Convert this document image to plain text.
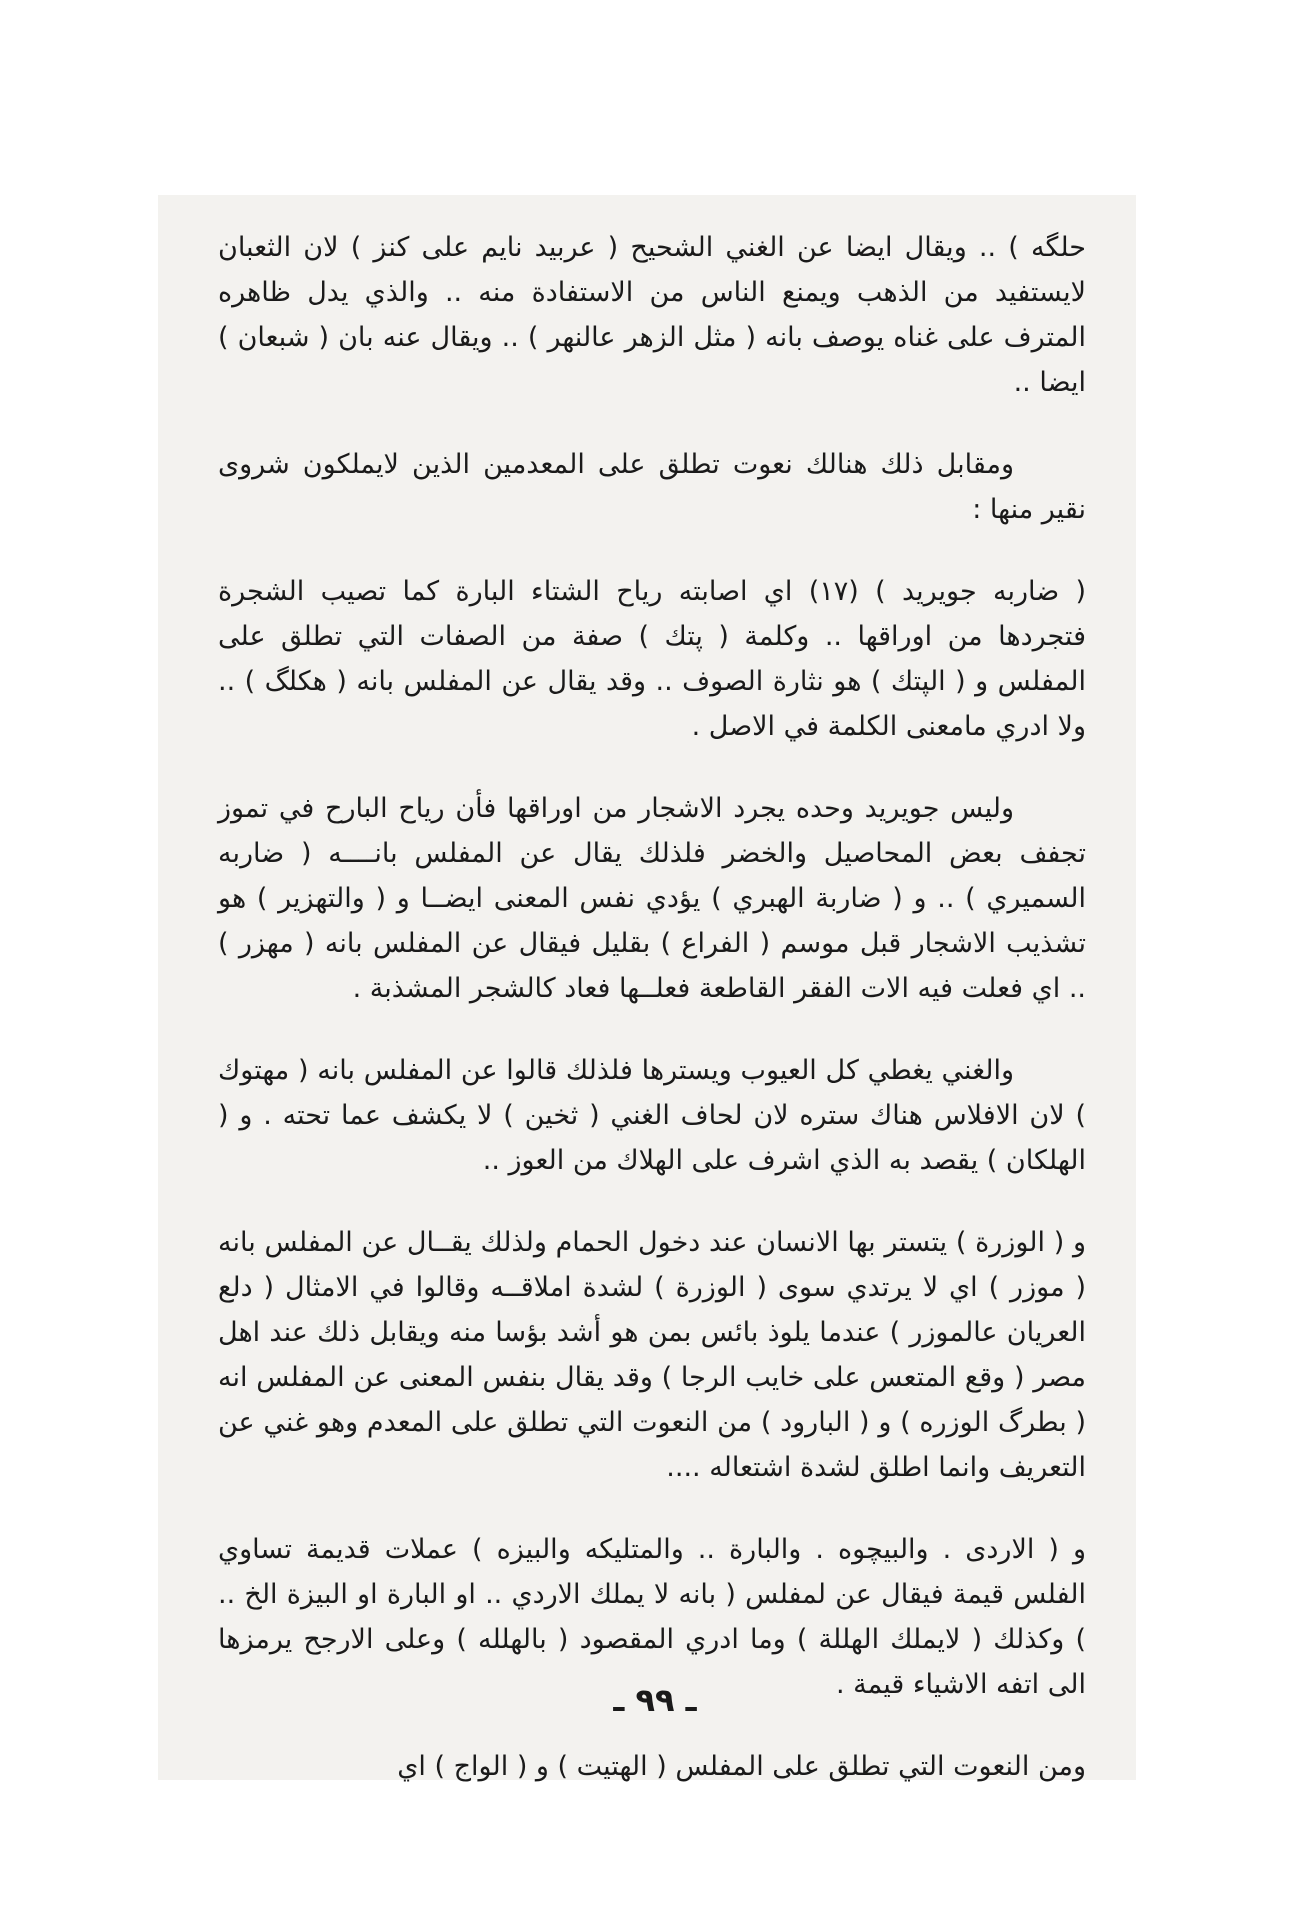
حلگه ) .. ويقال ايضا عن الغني الشحيح ( عربيد نايم على كنز ) لان الثعبان لايستفيد من الذهب ويمنع الناس من الاستفادة منه .. والذي يدل ظاهره المترف على غناه يوصف بانه ( مثل الزهر عالنهر ) .. ويقال عنه بان ( شبعان ) ايضا ..

ومقابل ذلك هنالك نعوت تطلق على المعدمين الذين لايملكون شروى نقير منها :

( ضاربه جويريد ) (١٧) اي اصابته رياح الشتاء البارة كما تصيب الشجرة فتجردها من اوراقها .. وكلمة ( پتك ) صفة من الصفات التي تطلق على المفلس و ( الپتك ) هو نثارة الصوف .. وقد يقال عن المفلس بانه ( هكلگ ) .. ولا ادري مامعنى الكلمة في الاصل .

وليس جويريد وحده يجرد الاشجار من اوراقها فأن رياح البارح في تموز تجفف بعض المحاصيل والخضر فلذلك يقال عن المفلس بانــــه ( ضاربه السميري ) .. و ( ضاربة الهبري ) يؤدي نفس المعنى ايضــا و ( والتهزير ) هو تشذيب الاشجار قبل موسم ( الفراع ) بقليل فيقال عن المفلس بانه ( مهزر ) .. اي فعلت فيه الات الفقر القاطعة فعلــها فعاد كالشجر المشذبة .

والغني يغطي كل العيوب ويسترها فلذلك قالوا عن المفلس بانه ( مهتوك ) لان الافلاس هناك ستره لان لحاف الغني ( ثخين ) لا يكشف عما تحته . و ( الهلكان ) يقصد به الذي اشرف على الهلاك من العوز ..

و ( الوزرة ) يتستر بها الانسان عند دخول الحمام ولذلك يقــال عن المفلس بانه ( موزر ) اي لا يرتدي سوى ( الوزرة ) لشدة املاقــه وقالوا في الامثال ( دلع العريان عالموزر ) عندما يلوذ بائس بمن هو أشد بؤسا منه ويقابل ذلك عند اهل مصر ( وقع المتعس على خايب الرجا ) وقد يقال بنفس المعنى عن المفلس انه ( بطرگ الوزره ) و ( البارود ) من النعوت التي تطلق على المعدم وهو غني عن التعريف وانما اطلق لشدة اشتعاله ....

و ( الاردى . والبيچوه . والبارة .. والمتليكه والبيزه ) عملات قديمة تساوي الفلس قيمة فيقال عن لمفلس ( بانه لا يملك الاردي .. او البارة او البيزة الخ .. ) وكذلك ( لايملك الهللة ) وما ادري المقصود ( بالهلله ) وعلى الارجح يرمزها الى اتفه الاشياء قيمة .

ومن النعوت التي تطلق على المفلس ( الهتيت ) و ( الواج ) اي

ـ ٩٩ ـ
